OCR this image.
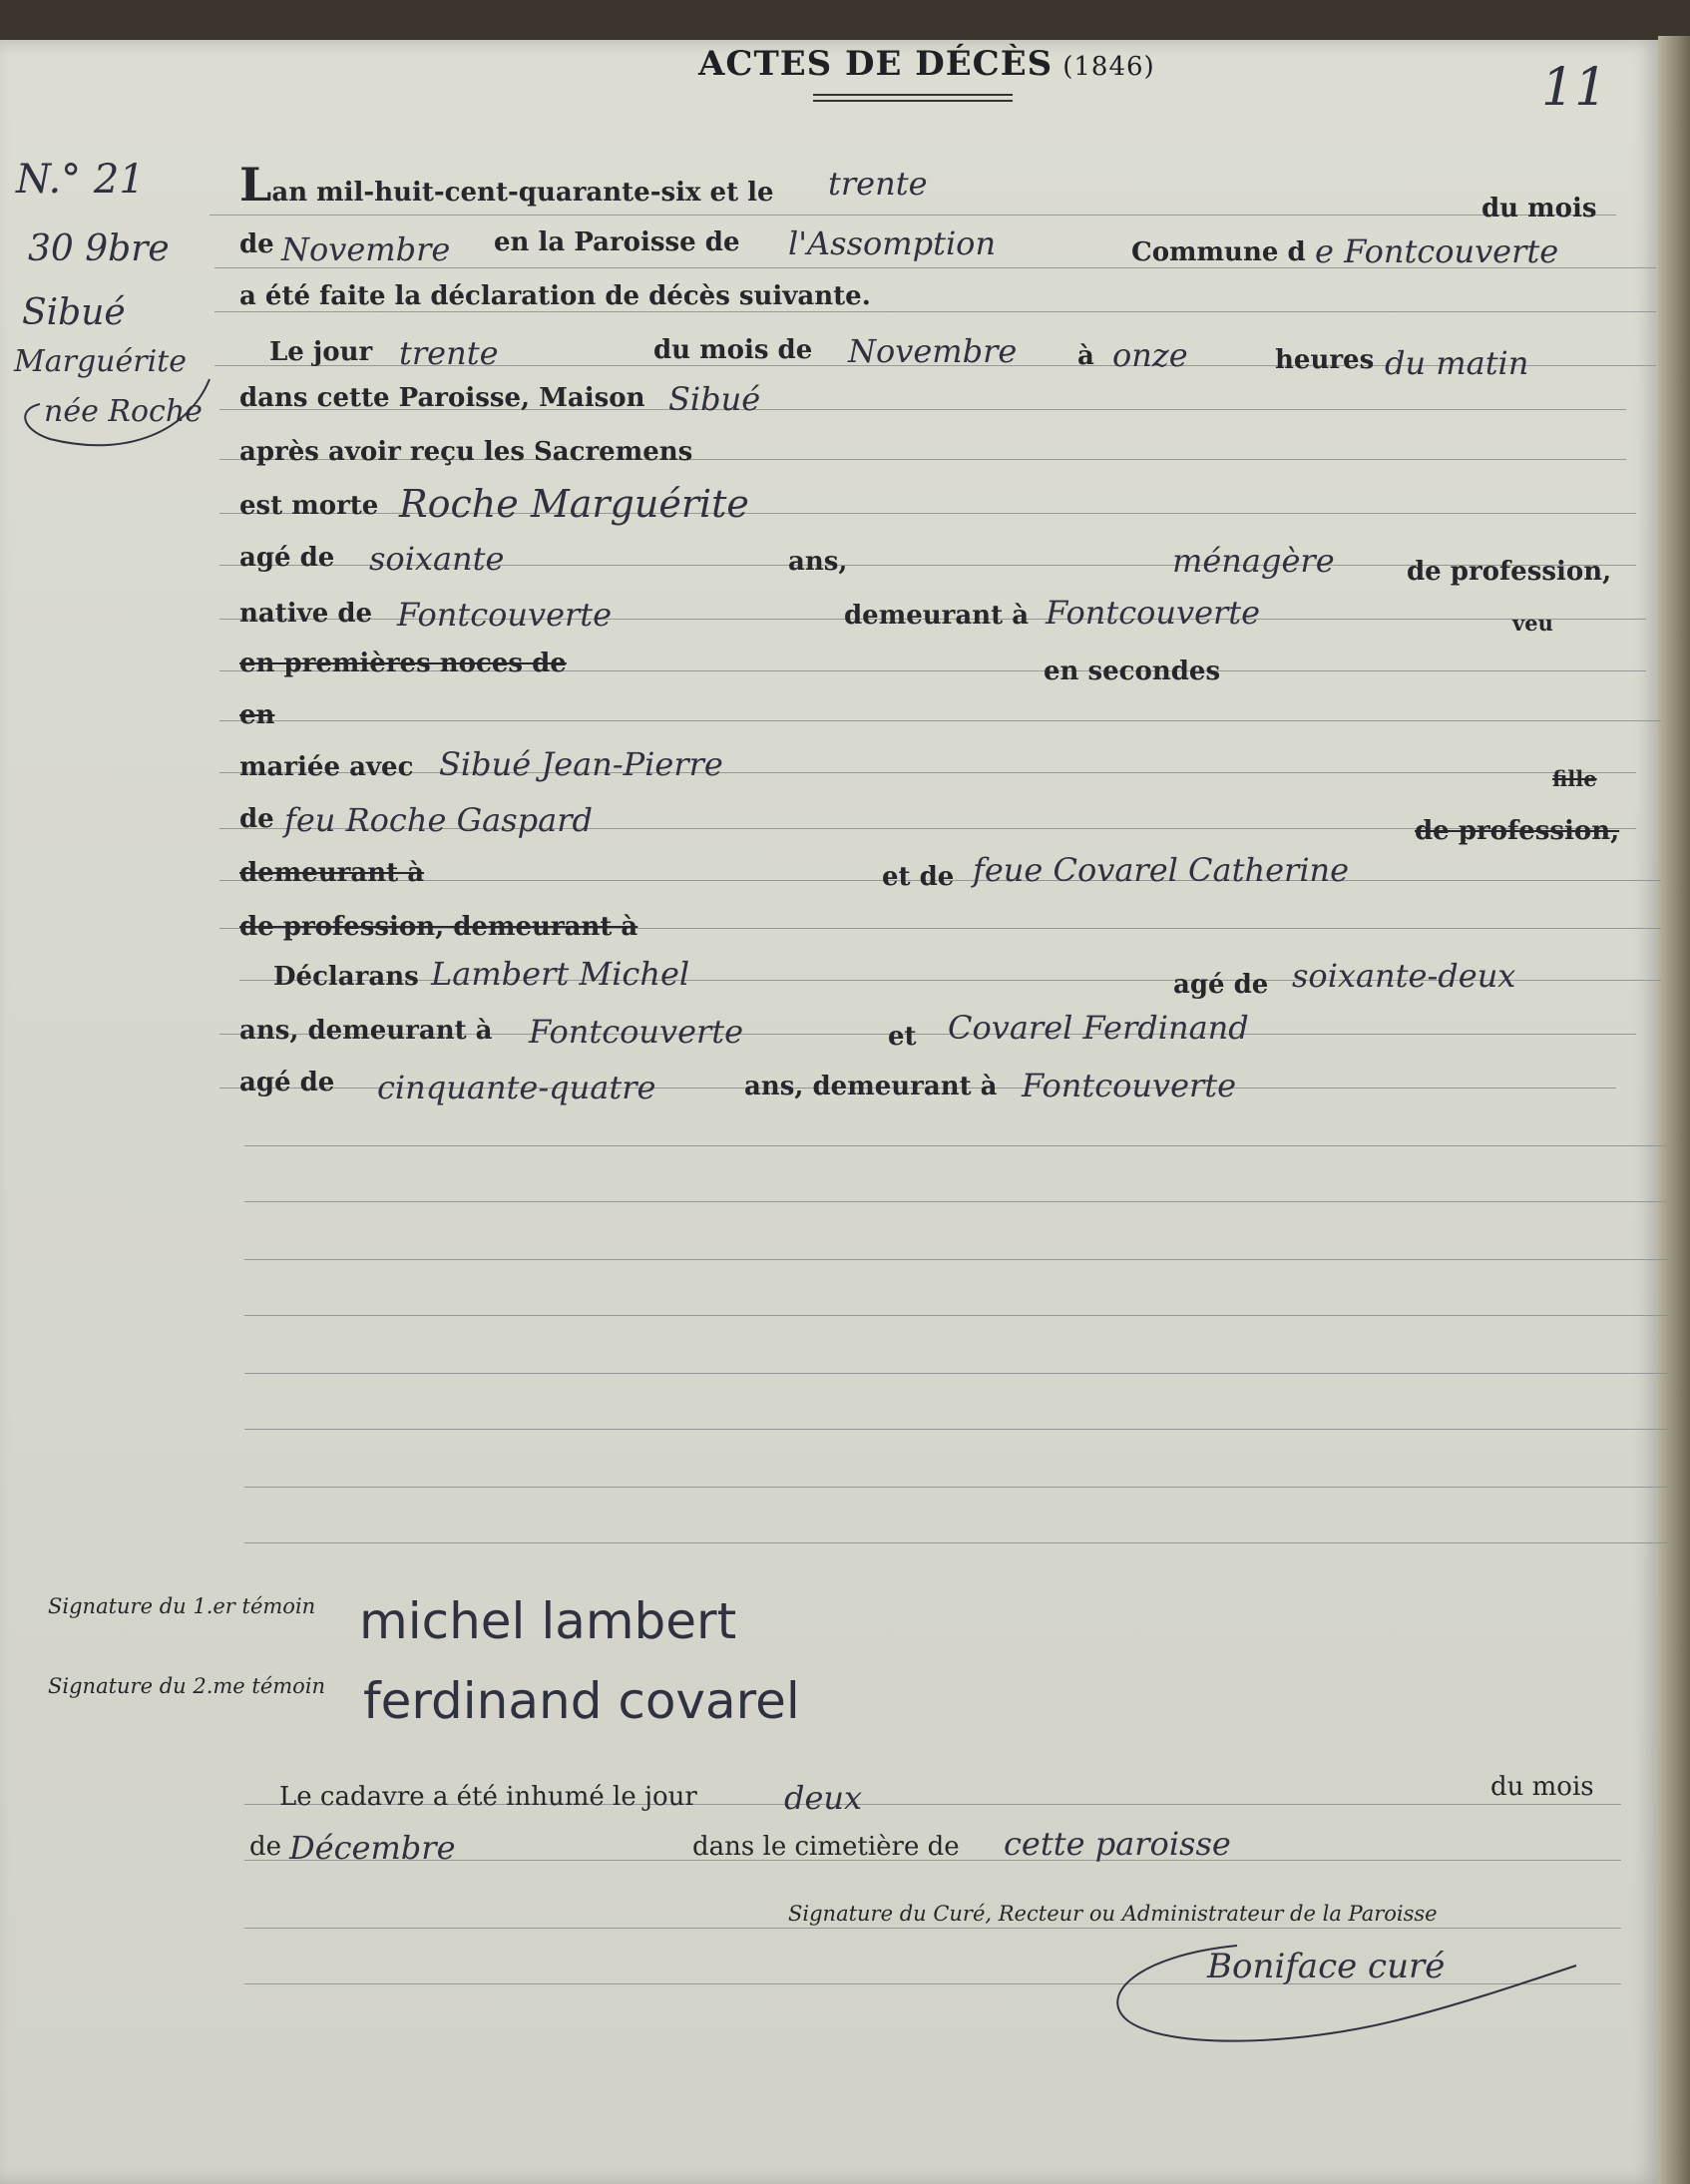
ACTES DE DÉCÈS (1846)	11
N.° 21
30 9bre
Sibué
Marguérite
née Roche
Lan mil-huit-cent-quarante-six et le trente
du mois
de Novembre en la Paroisse de l'Assomption	Commune d e Fontcouverte
a été faite la déclaration de décès suivante.
Le jour trente	du mois de Novembre à onze	heures du matin
dans cette Paroisse, Maison Sibué
après avoir reçu les Sacremens
est morte Roche Marguérite
agé de soixante	ans,	ménagère	de profession,
native de Fontcouverte	demeurant à Fontcouverte	veu
en premières noces de	en secondes
en
mariée avec Sibué Jean-Pierre	fille
de feu Roche Gaspard	de profession,
demeurant à	et de feue Covarel Catherine
de profession, demeurant à
Déclarans Lambert Michel	agé de soixante-deux
ans, demeurant à Fontcouverte	et Covarel Ferdinand
agé de cinquante-quatre	ans, demeurant à Fontcouverte
Signature du 1.er témoin michel lambert
Signature du 2.me témoin ferdinand covarel
Le cadavre a été inhumé le jour	deux	du mois
de Décembre	dans le cimetière de cette paroisse
Signature du Curé, Recteur ou Administrateur de la Paroisse
Boniface curé
